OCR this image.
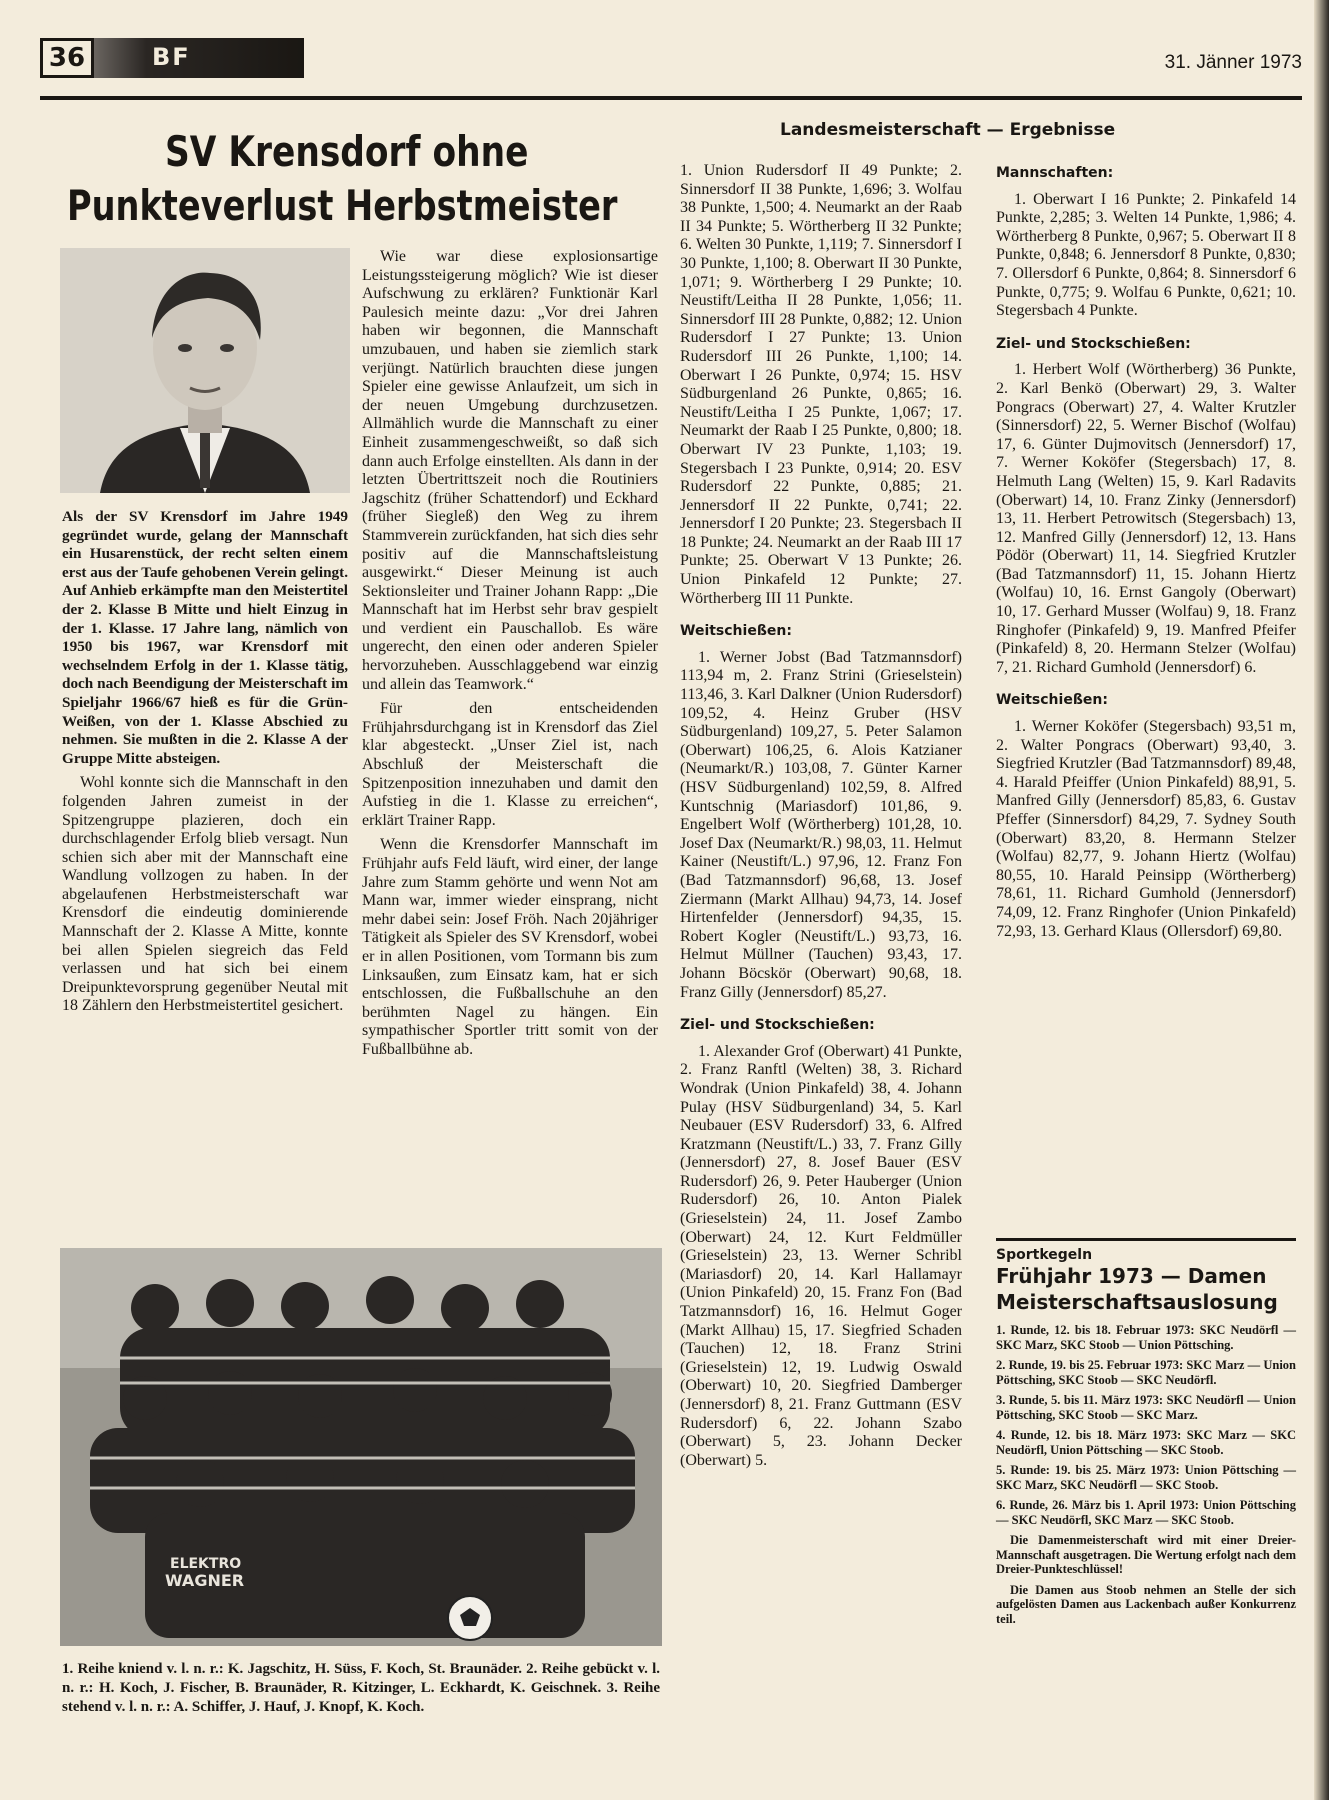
36	BF	31. Jänner 1973
SV Krensdorf ohne
Punkteverlust Herbstmeister

Als der SV Krensdorf im Jahre 1949 gegründet wurde, gelang der Mannschaft ein Husarenstück, der recht selten einem erst aus der Taufe gehobenen Verein gelingt. Auf Anhieb erkämpfte man den Meistertitel der 2. Klasse B Mitte und hielt Einzug in der 1. Klasse. 17 Jahre lang, nämlich von 1950 bis 1967, war Krensdorf mit wechselndem Erfolg in der 1. Klasse tätig, doch nach Beendigung der Meisterschaft im Spieljahr 1966/67 hieß es für die Grün-Weißen, von der 1. Klasse Abschied zu nehmen. Sie mußten in die 2. Klasse A der Gruppe Mitte absteigen.

Wohl konnte sich die Mannschaft in den folgenden Jahren zumeist in der Spitzengruppe plazieren, doch ein durchschlagender Erfolg blieb versagt. Nun schien sich aber mit der Mannschaft eine Wandlung vollzogen zu haben. In der abgelaufenen Herbstmeisterschaft war Krensdorf die eindeutig dominierende Mannschaft der 2. Klasse A Mitte, konnte bei allen Spielen siegreich das Feld verlassen und hat sich bei einem Dreipunktevorsprung gegenüber Neutal mit 18 Zählern den Herbstmeistertitel gesichert.

Wie war diese explosionsartige Leistungssteigerung möglich? Wie ist dieser Aufschwung zu erklären? Funktionär Karl Paulesich meinte dazu: „Vor drei Jahren haben wir begonnen, die Mannschaft umzubauen, und haben sie ziemlich stark verjüngt. Natürlich brauchten diese jungen Spieler eine gewisse Anlaufzeit, um sich in der neuen Umgebung durchzusetzen. Allmählich wurde die Mannschaft zu einer Einheit zusammengeschweißt, so daß sich dann auch Erfolge einstellten. Als dann in der letzten Übertrittszeit noch die Routiniers Jagschitz (früher Schattendorf) und Eckhard (früher Siegleß) den Weg zu ihrem Stammverein zurückfanden, hat sich dies sehr positiv auf die Mannschaftsleistung ausgewirkt.“ Dieser Meinung ist auch Sektionsleiter und Trainer Johann Rapp: „Die Mannschaft hat im Herbst sehr brav gespielt und verdient ein Pauschallob. Es wäre ungerecht, den einen oder anderen Spieler hervorzuheben. Ausschlaggebend war einzig und allein das Teamwork.“

Für den entscheidenden Frühjahrsdurchgang ist in Krensdorf das Ziel klar abgesteckt. „Unser Ziel ist, nach Abschluß der Meisterschaft die Spitzenposition innezuhaben und damit den Aufstieg in die 1. Klasse zu erreichen“, erklärt Trainer Rapp.

Wenn die Krensdorfer Mannschaft im Frühjahr aufs Feld läuft, wird einer, der lange Jahre zum Stamm gehörte und wenn Not am Mann war, immer wieder einsprang, nicht mehr dabei sein: Josef Fröh. Nach 20jähriger Tätigkeit als Spieler des SV Krensdorf, wobei er in allen Positionen, vom Tormann bis zum Linksaußen, zum Einsatz kam, hat er sich entschlossen, die Fußballschuhe an den berühmten Nagel zu hängen. Ein sympathischer Sportler tritt somit von der Fußballbühne ab.

ELEKTRO
WAGNER
1. Reihe kniend v. l. n. r.: K. Jagschitz, H. Süss, F. Koch, St. Braunäder. 2. Reihe gebückt v. l. n. r.: H. Koch, J. Fischer, B. Braunäder, R. Kitzinger, L. Eckhardt, K. Geischnek. 3. Reihe stehend v. l. n. r.: A. Schiffer, J. Hauf, J. Knopf, K. Koch.
Landesmeisterschaft — Ergebnisse

1. Union Rudersdorf II 49 Punkte; 2. Sinnersdorf II 38 Punkte, 1,696; 3. Wolfau 38 Punkte, 1,500; 4. Neumarkt an der Raab II 34 Punkte; 5. Wörtherberg II 32 Punkte; 6. Welten 30 Punkte, 1,119; 7. Sinnersdorf I 30 Punkte, 1,100; 8. Oberwart II 30 Punkte, 1,071; 9. Wörtherberg I 29 Punkte; 10. Neustift/Leitha II 28 Punkte, 1,056; 11. Sinnersdorf III 28 Punkte, 0,882; 12. Union Rudersdorf I 27 Punkte; 13. Union Rudersdorf III 26 Punkte, 1,100; 14. Oberwart I 26 Punkte, 0,974; 15. HSV Südburgenland 26 Punkte, 0,865; 16. Neustift/Leitha I 25 Punkte, 1,067; 17. Neumarkt der Raab I 25 Punkte, 0,800; 18. Oberwart IV 23 Punkte, 1,103; 19. Stegersbach I 23 Punkte, 0,914; 20. ESV Rudersdorf 22 Punkte, 0,885; 21. Jennersdorf II 22 Punkte, 0,741; 22. Jennersdorf I 20 Punkte; 23. Stegersbach II 18 Punkte; 24. Neumarkt an der Raab III 17 Punkte; 25. Oberwart V 13 Punkte; 26. Union Pinkafeld 12 Punkte; 27. Wörtherberg III 11 Punkte.

Weitschießen:

1. Werner Jobst (Bad Tatzmannsdorf) 113,94 m, 2. Franz Strini (Grieselstein) 113,46, 3. Karl Dalkner (Union Rudersdorf) 109,52, 4. Heinz Gruber (HSV Südburgenland) 109,27, 5. Peter Salamon (Oberwart) 106,25, 6. Alois Katzianer (Neumarkt/R.) 103,08, 7. Günter Karner (HSV Südburgenland) 102,59, 8. Alfred Kuntschnig (Mariasdorf) 101,86, 9. Engelbert Wolf (Wörtherberg) 101,28, 10. Josef Dax (Neumarkt/R.) 98,03, 11. Helmut Kainer (Neustift/L.) 97,96, 12. Franz Fon (Bad Tatzmannsdorf) 96,68, 13. Josef Ziermann (Markt Allhau) 94,73, 14. Josef Hirtenfelder (Jennersdorf) 94,35, 15. Robert Kogler (Neustift/L.) 93,73, 16. Helmut Müllner (Tauchen) 93,43, 17. Johann Böcskör (Oberwart) 90,68, 18. Franz Gilly (Jennersdorf) 85,27.

Ziel- und Stockschießen:

1. Alexander Grof (Oberwart) 41 Punkte, 2. Franz Ranftl (Welten) 38, 3. Richard Wondrak (Union Pinkafeld) 38, 4. Johann Pulay (HSV Südburgenland) 34, 5. Karl Neubauer (ESV Rudersdorf) 33, 6. Alfred Kratzmann (Neustift/L.) 33, 7. Franz Gilly (Jennersdorf) 27, 8. Josef Bauer (ESV Rudersdorf) 26, 9. Peter Hauberger (Union Rudersdorf) 26, 10. Anton Pialek (Grieselstein) 24, 11. Josef Zambo (Oberwart) 24, 12. Kurt Feldmüller (Grieselstein) 23, 13. Werner Schribl (Mariasdorf) 20, 14. Karl Hallamayr (Union Pinkafeld) 20, 15. Franz Fon (Bad Tatzmannsdorf) 16, 16. Helmut Goger (Markt Allhau) 15, 17. Siegfried Schaden (Tauchen) 12, 18. Franz Strini (Grieselstein) 12, 19. Ludwig Oswald (Oberwart) 10, 20. Siegfried Damberger (Jennersdorf) 8, 21. Franz Guttmann (ESV Rudersdorf) 6, 22. Johann Szabo (Oberwart) 5, 23. Johann Decker (Oberwart) 5.

Mannschaften:

1. Oberwart I 16 Punkte; 2. Pinkafeld 14 Punkte, 2,285; 3. Welten 14 Punkte, 1,986; 4. Wörtherberg 8 Punkte, 0,967; 5. Oberwart II 8 Punkte, 0,848; 6. Jennersdorf 8 Punkte, 0,830; 7. Ollersdorf 6 Punkte, 0,864; 8. Sinnersdorf 6 Punkte, 0,775; 9. Wolfau 6 Punkte, 0,621; 10. Stegersbach 4 Punkte.

Ziel- und Stockschießen:

1. Herbert Wolf (Wörtherberg) 36 Punkte, 2. Karl Benkö (Oberwart) 29, 3. Walter Pongracs (Oberwart) 27, 4. Walter Krutzler (Sinnersdorf) 22, 5. Werner Bischof (Wolfau) 17, 6. Günter Dujmovitsch (Jennersdorf) 17, 7. Werner Koköfer (Stegersbach) 17, 8. Helmuth Lang (Welten) 15, 9. Karl Radavits (Oberwart) 14, 10. Franz Zinky (Jennersdorf) 13, 11. Herbert Petrowitsch (Stegersbach) 13, 12. Manfred Gilly (Jennersdorf) 12, 13. Hans Pödör (Oberwart) 11, 14. Siegfried Krutzler (Bad Tatzmannsdorf) 11, 15. Johann Hiertz (Wolfau) 10, 16. Ernst Gangoly (Oberwart) 10, 17. Gerhard Musser (Wolfau) 9, 18. Franz Ringhofer (Pinkafeld) 9, 19. Manfred Pfeifer (Pinkafeld) 8, 20. Hermann Stelzer (Wolfau) 7, 21. Richard Gumhold (Jennersdorf) 6.

Weitschießen:

1. Werner Koköfer (Stegersbach) 93,51 m, 2. Walter Pongracs (Oberwart) 93,40, 3. Siegfried Krutzler (Bad Tatzmannsdorf) 89,48, 4. Harald Pfeiffer (Union Pinkafeld) 88,91, 5. Manfred Gilly (Jennersdorf) 85,83, 6. Gustav Pfeffer (Sinnersdorf) 84,29, 7. Sydney South (Oberwart) 83,20, 8. Hermann Stelzer (Wolfau) 82,77, 9. Johann Hiertz (Wolfau) 80,55, 10. Harald Peinsipp (Wörtherberg) 78,61, 11. Richard Gumhold (Jennersdorf) 74,09, 12. Franz Ringhofer (Union Pinkafeld) 72,93, 13. Gerhard Klaus (Ollersdorf) 69,80.

Sportkegeln
Frühjahr 1973 — Damen
Meisterschaftsauslosung
1. Runde, 12. bis 18. Februar 1973: SKC Neudörfl — SKC Marz, SKC Stoob — Union Pöttsching.
2. Runde, 19. bis 25. Februar 1973: SKC Marz — Union Pöttsching, SKC Stoob — SKC Neudörfl.
3. Runde, 5. bis 11. März 1973: SKC Neudörfl — Union Pöttsching, SKC Stoob — SKC Marz.
4. Runde, 12. bis 18. März 1973: SKC Marz — SKC Neudörfl, Union Pöttsching — SKC Stoob.
5. Runde: 19. bis 25. März 1973: Union Pöttsching — SKC Marz, SKC Neudörfl — SKC Stoob.
6. Runde, 26. März bis 1. April 1973: Union Pöttsching — SKC Neudörfl, SKC Marz — SKC Stoob.

Die Damenmeisterschaft wird mit einer Dreier-Mannschaft ausgetragen. Die Wertung erfolgt nach dem Dreier-Punkteschlüssel!

Die Damen aus Stoob nehmen an Stelle der sich aufgelösten Damen aus Lackenbach außer Konkurrenz teil.
